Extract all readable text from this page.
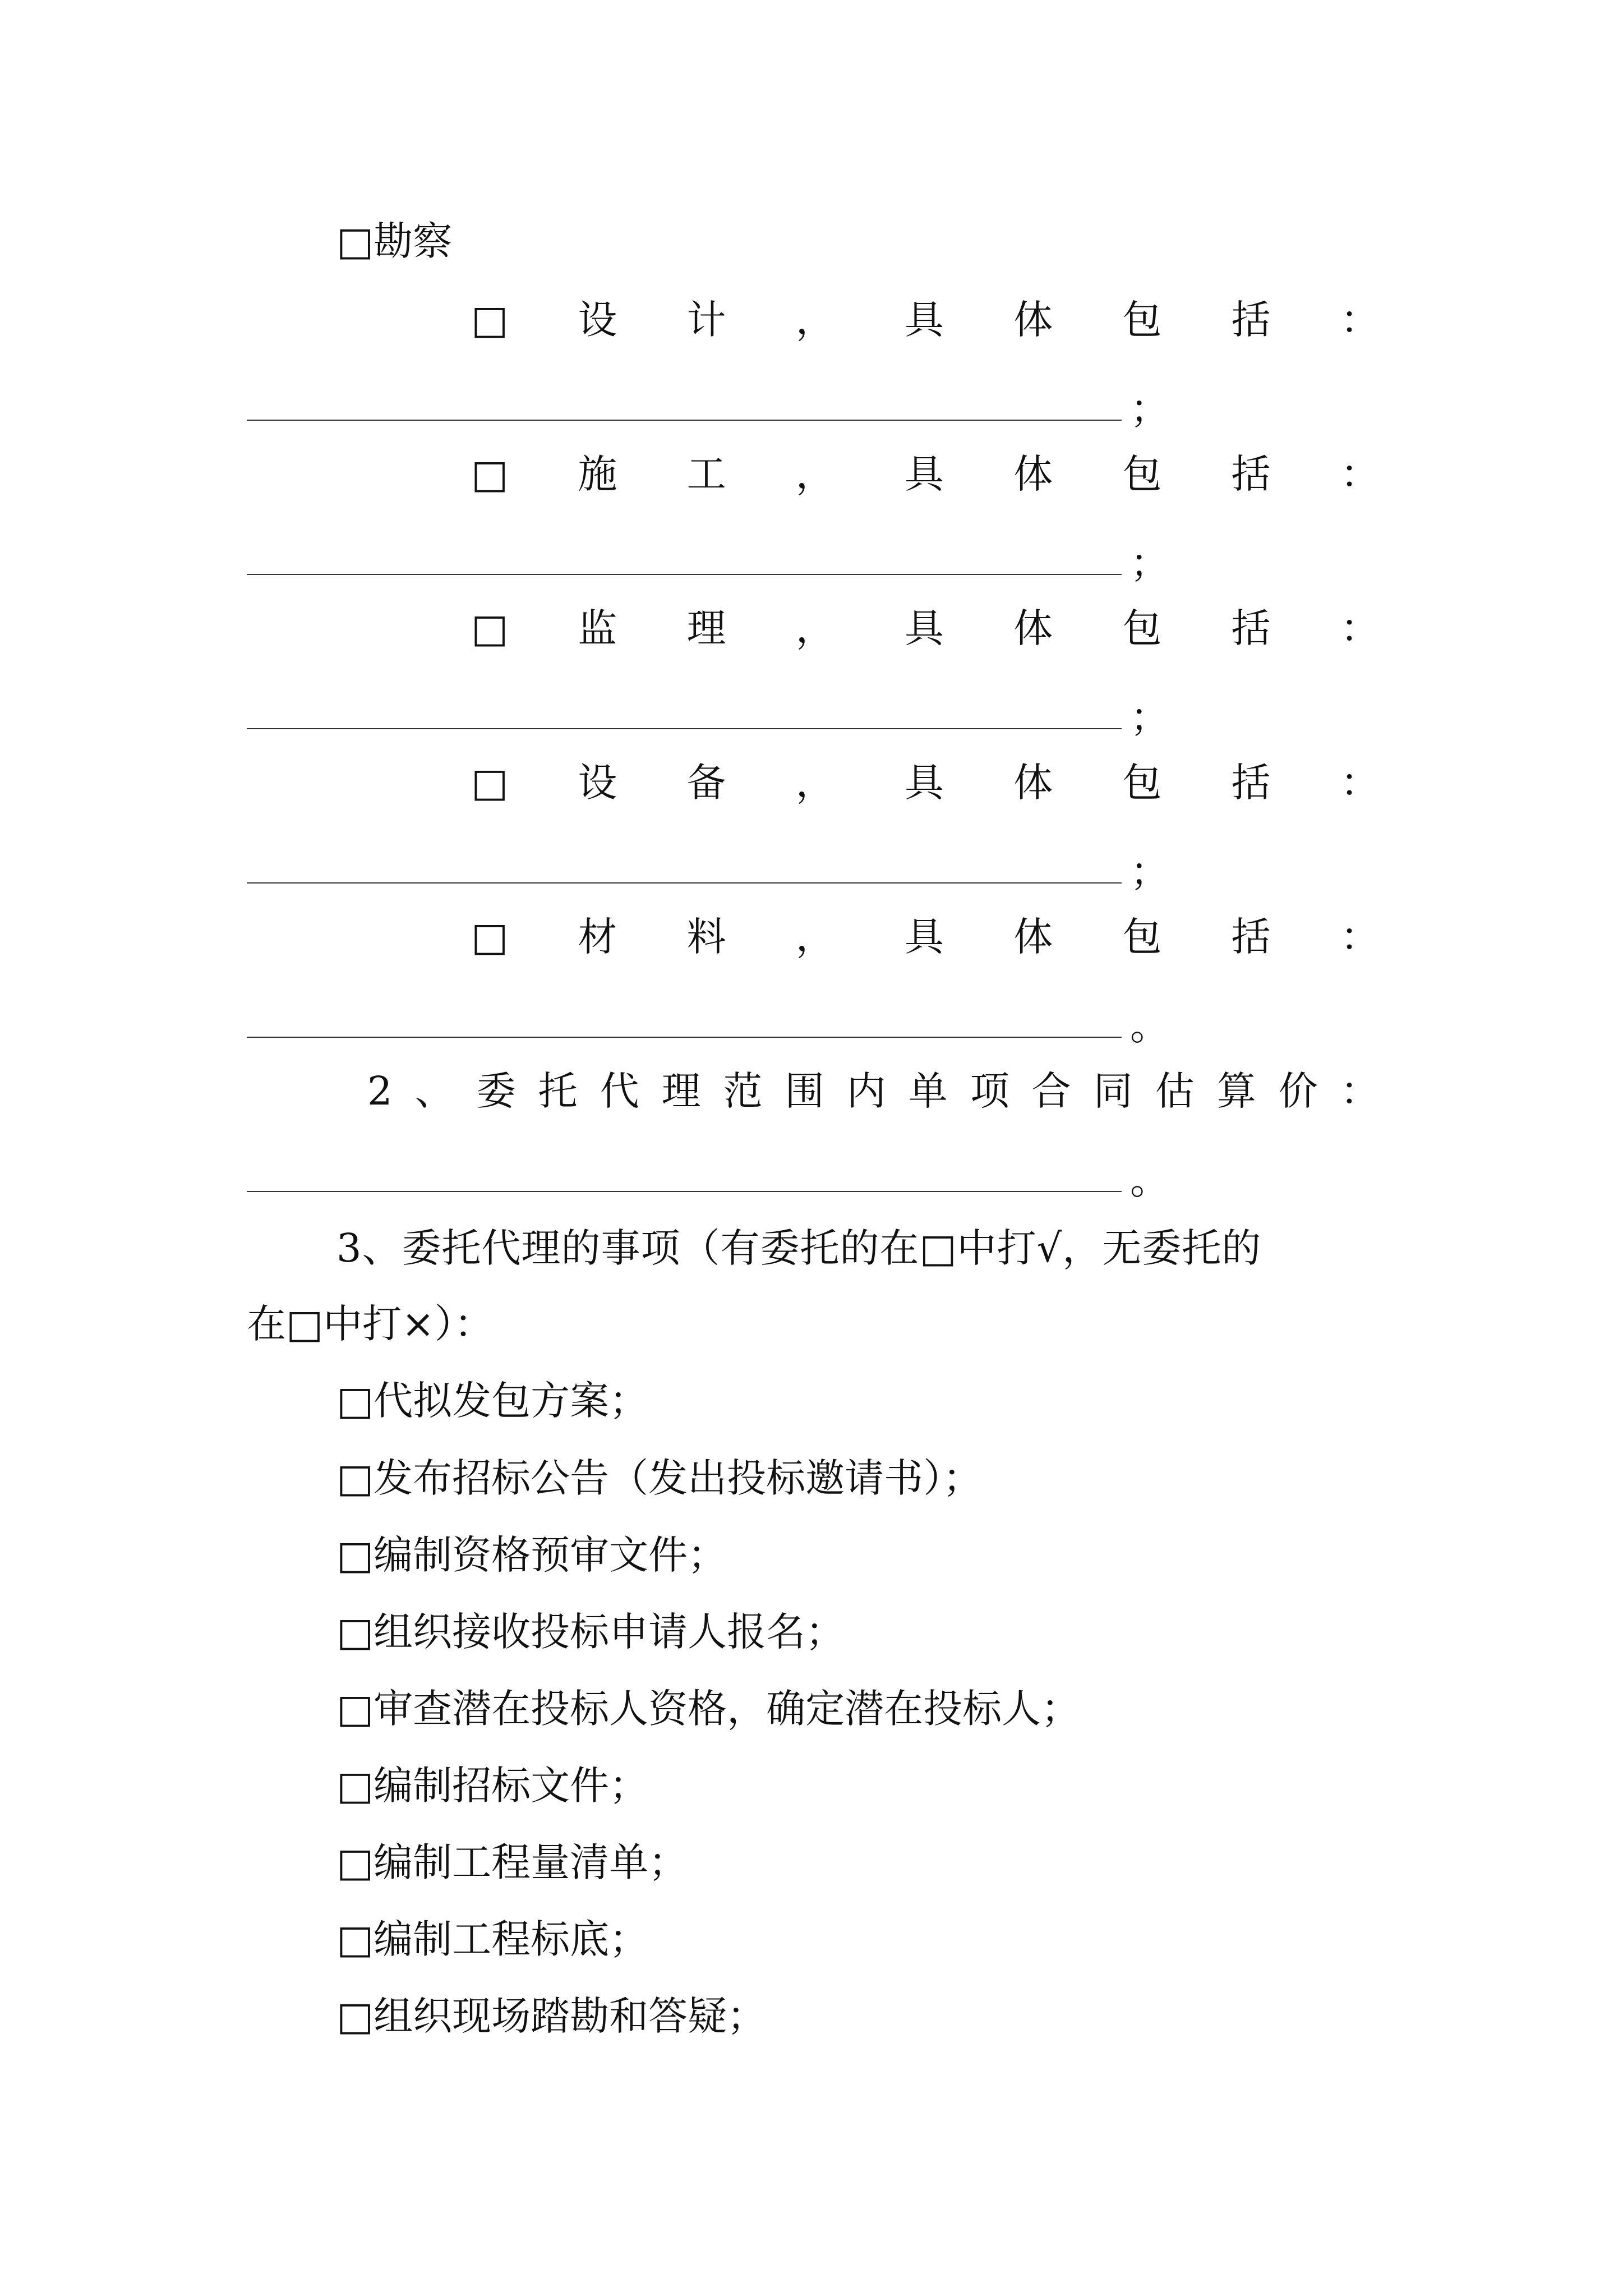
□勘察
□ 设 计 ， 具 体 包 括 ：
；
□ 施 工 ， 具 体 包 括 ：
；
□ 监 理 ， 具 体 包 括 ：
；
□ 设 备 ， 具 体 包 括 ：
；
□ 材 料 ， 具 体 包 括 ：
。
2 、 委 托 代 理 范 围 内 单 项 合 同 估 算 价 ：
。
3、委托代理的事项（有委托的在□中打√，无委托的
在□中打×）：
□代拟发包方案；
□发布招标公告（发出投标邀请书）；
□编制资格预审文件；
□组织接收投标申请人报名；
□审查潜在投标人资格，确定潜在投标人；
□编制招标文件；
□编制工程量清单；
□编制工程标底；
□组织现场踏勘和答疑；
